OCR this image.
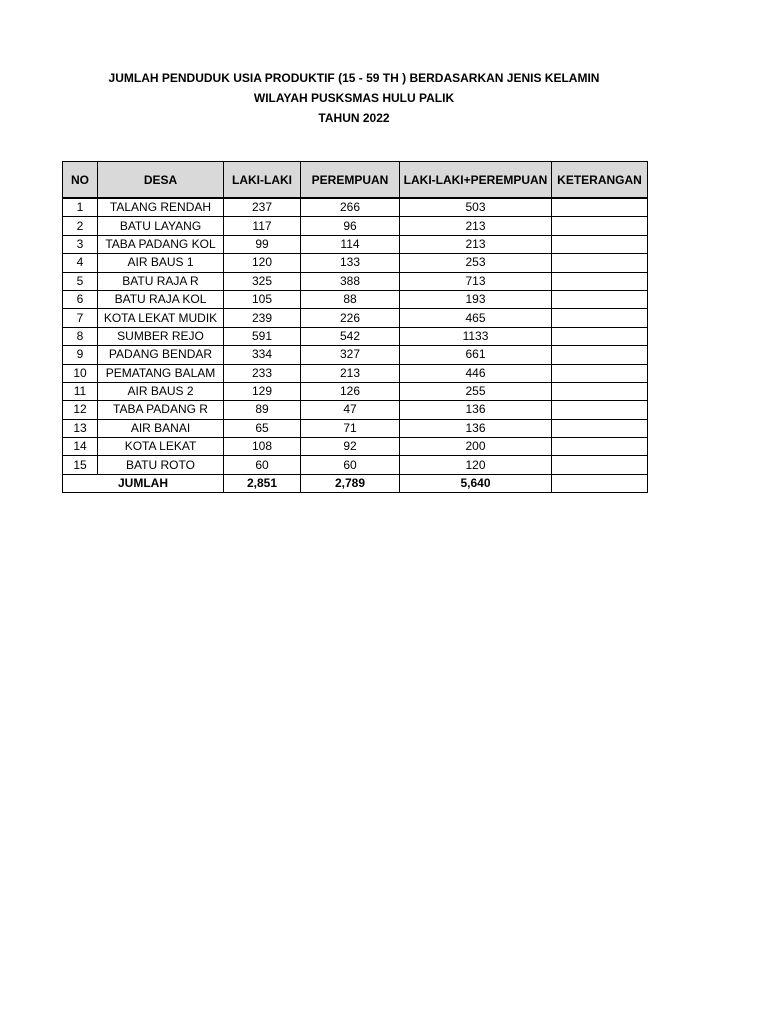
JUMLAH PENDUDUK USIA PRODUKTIF (15 - 59 TH ) BERDASARKAN JENIS KELAMIN
WILAYAH PUSKSMAS HULU PALIK
TAHUN 2022
NO	DESA	LAKI-LAKI	PEREMPUAN	LAKI-LAKI+PEREMPUAN	KETERANGAN
1	TALANG RENDAH	237	266	503	
2	BATU LAYANG	117	96	213	
3	TABA PADANG KOL	99	114	213	
4	AIR BAUS 1	120	133	253	
5	BATU RAJA R	325	388	713	
6	BATU RAJA KOL	105	88	193	
7	KOTA LEKAT MUDIK	239	226	465	
8	SUMBER REJO	591	542	1133	
9	PADANG BENDAR	334	327	661	
10	PEMATANG BALAM	233	213	446	
11	AIR BAUS 2	129	126	255	
12	TABA PADANG R	89	47	136	
13	AIR BANAI	65	71	136	
14	KOTA LEKAT	108	92	200	
15	BATU ROTO	60	60	120	
JUMLAH		2,851	2,789	5,640	
